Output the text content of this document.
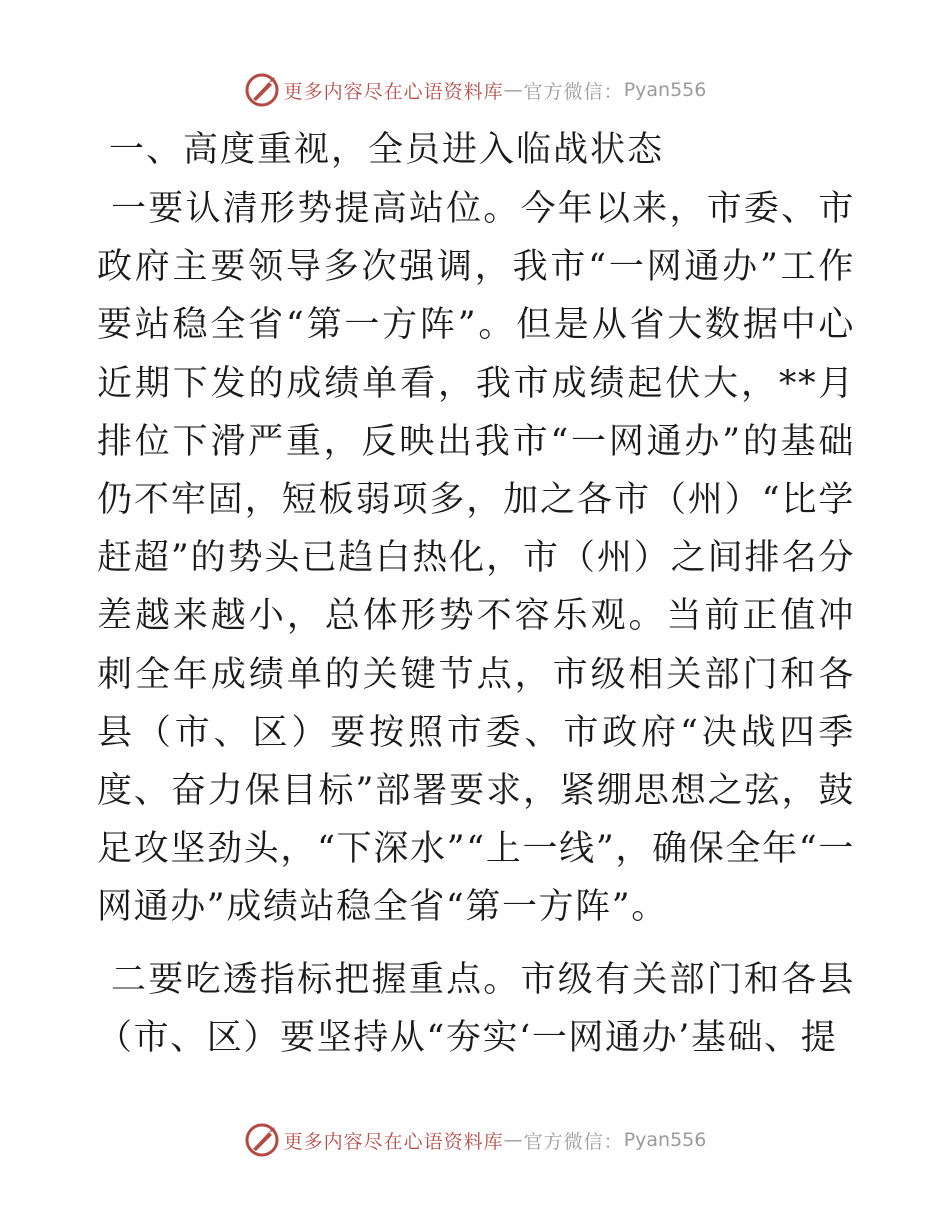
更多内容尽在心语资料库 — 官方微信： Pyan556
一、高度重视，全员进入临战状态

一要认清形势提高站位。今年以来，市委、市政府主要领导多次强调，我市“一网通办”工作要站稳全省“第一方阵”。但是从省大数据中心近期下发的成绩单看，我市成绩起伏大，**月排位下滑严重，反映出我市“一网通办”的基础仍不牢固，短板弱项多，加之各市（州）“比学赶超”的势头已趋白热化，市（州）之间排名分差越来越小，总体形势不容乐观。当前正值冲刺全年成绩单的关键节点，市级相关部门和各县（市、区）要按照市委、市政府“决战四季度、奋力保目标”部署要求，紧绷思想之弦，鼓足攻坚劲头，“下深水”“上一线”，确保全年“一网通办”成绩站稳全省“第一方阵”。

二要吃透指标把握重点。市级有关部门和各县（市、区）要坚持从“夯实‘一网通办’基础、提

更多内容尽在心语资料库 — 官方微信： Pyan556
